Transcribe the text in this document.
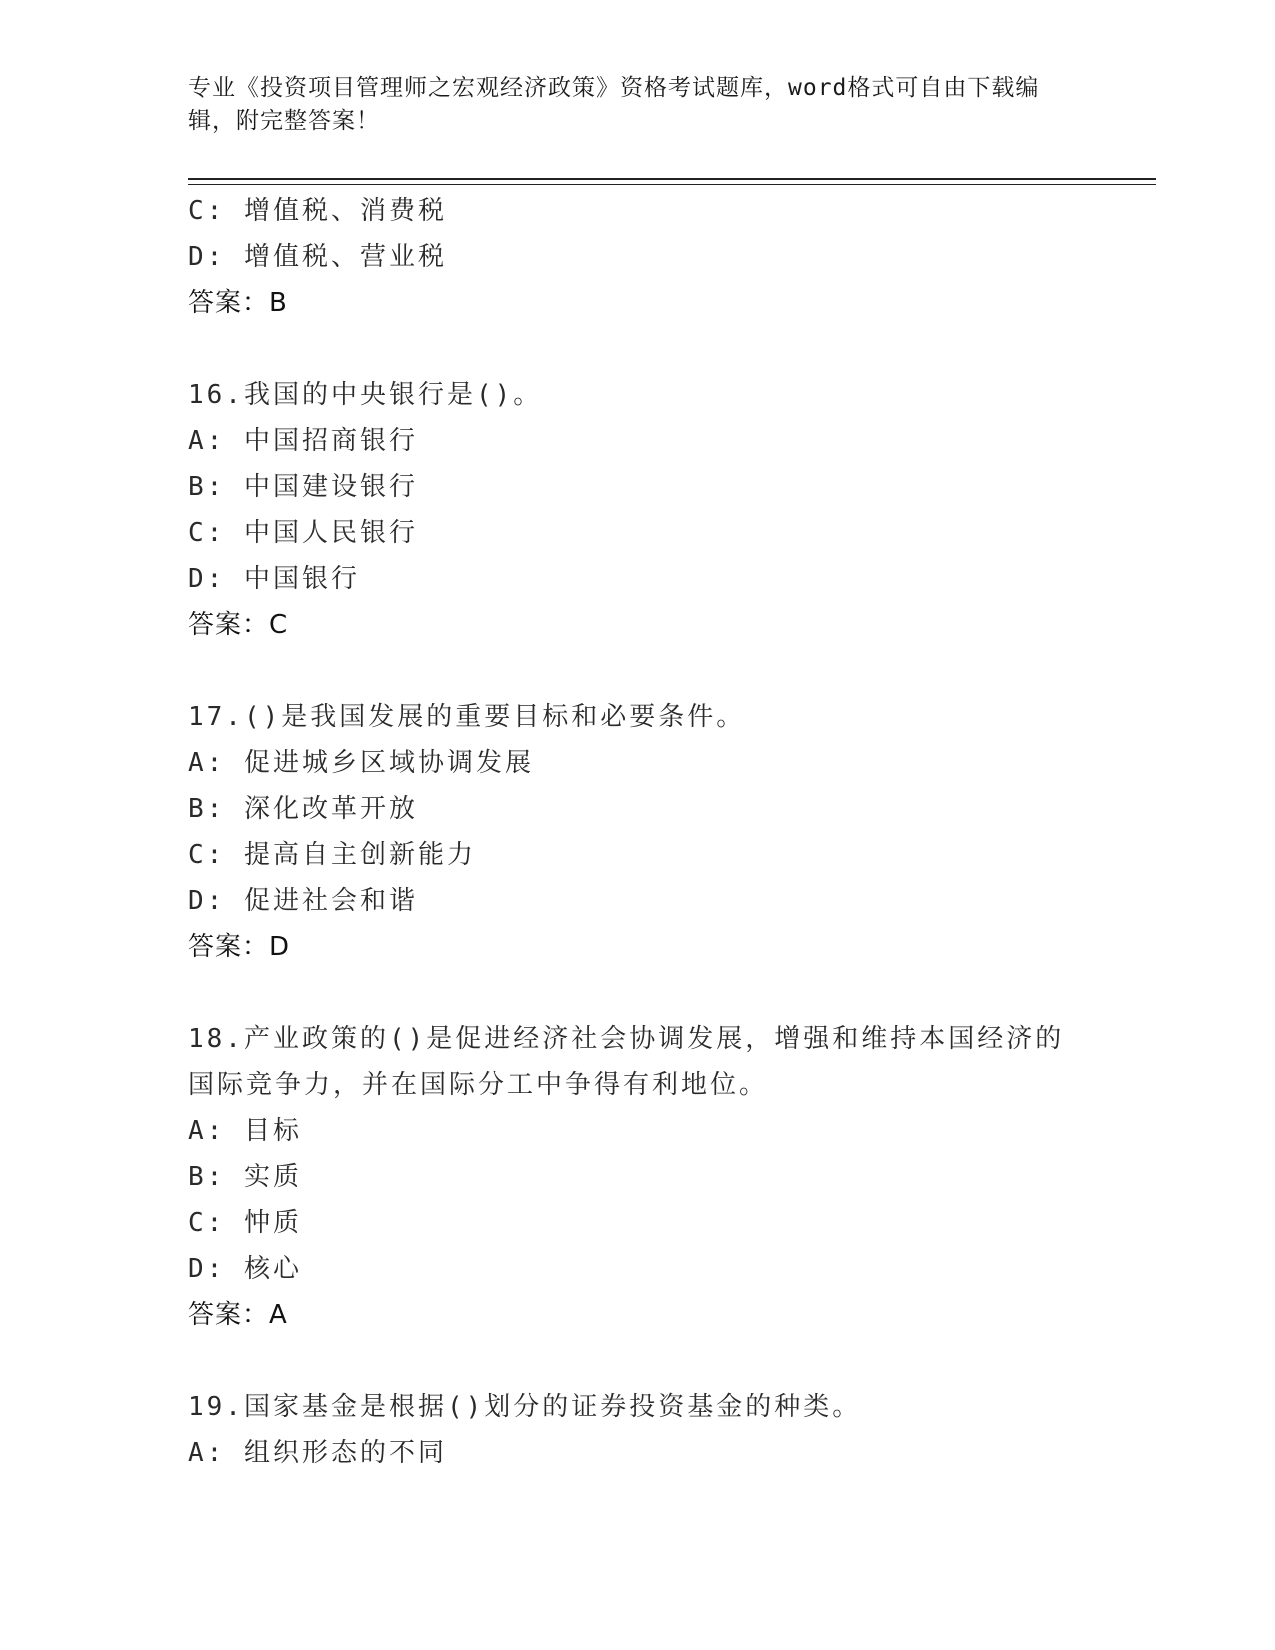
专业《投资项目管理师之宏观经济政策》资格考试题库，word格式可自由下载编辑，附完整答案！
C: 增值税、消费税
D: 增值税、营业税
答案：B
16.我国的中央银行是()。
A: 中国招商银行
B: 中国建设银行
C: 中国人民银行
D: 中国银行
答案：C
17.()是我国发展的重要目标和必要条件。
A: 促进城乡区域协调发展
B: 深化改革开放
C: 提高自主创新能力
D: 促进社会和谐
答案：D
18.产业政策的()是促进经济社会协调发展，增强和维持本国经济的国际竞争力，并在国际分工中争得有利地位。
A: 目标
B: 实质
C: 忡质
D: 核心
答案：A
19.国家基金是根据()划分的证券投资基金的种类。
A: 组织形态的不同
